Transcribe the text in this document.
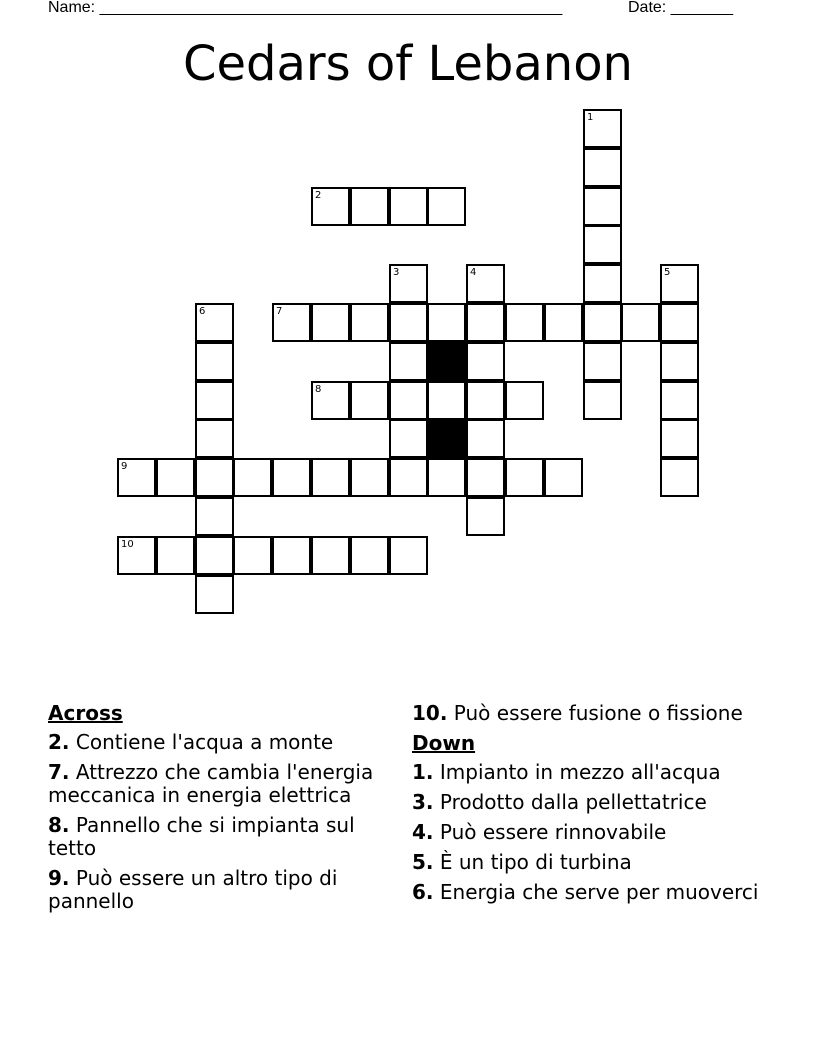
Name: ____________________________________________________	Date: _______
Cedars of Lebanon
1
2
3	4	5
6	7
8
9
10
Across
2. Contiene l'acqua a monte
7. Attrezzo che cambia l'energia meccanica in energia elettrica
8. Pannello che si impianta sul tetto
9. Può essere un altro tipo di pannello
10. Può essere fusione o fissione
Down
1. Impianto in mezzo all'acqua
3. Prodotto dalla pellettatrice
4. Può essere rinnovabile
5. È un tipo di turbina
6. Energia che serve per muoverci
